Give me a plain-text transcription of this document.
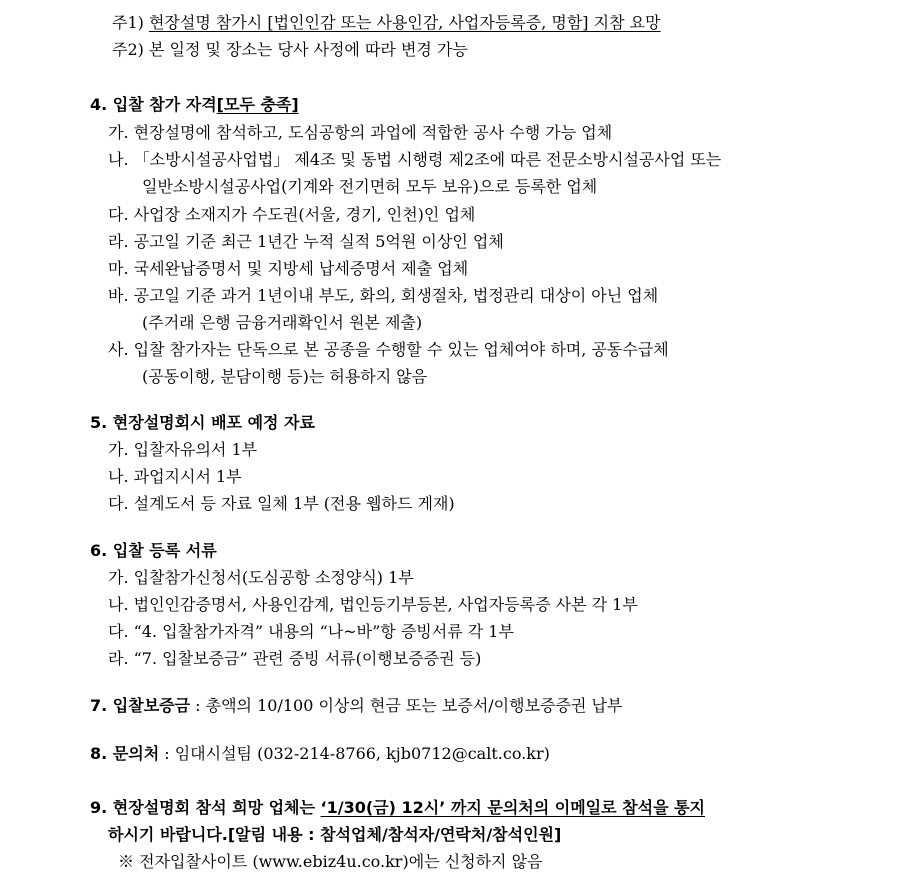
주1) 현장설명 참가시 [법인인감 또는 사용인감, 사업자등록증, 명함] 지참 요망
주2) 본 일정 및 장소는 당사 사정에 따라 변경 가능
4. 입찰 참가 자격[모두 충족]
가. 현장설명에 참석하고, 도심공항의 과업에 적합한 공사 수행 가능 업체
나. 「소방시설공사업법」 제4조 및 동법 시행령 제2조에 따른 전문소방시설공사업 또는
일반소방시설공사업(기계와 전기면허 모두 보유)으로 등록한 업체
다. 사업장 소재지가 수도권(서울, 경기, 인천)인 업체
라. 공고일 기준 최근 1년간 누적 실적 5억원 이상인 업체
마. 국세완납증명서 및 지방세 납세증명서 제출 업체
바. 공고일 기준 과거 1년이내 부도, 화의, 회생절차, 법정관리 대상이 아닌 업체
(주거래 은행 금융거래확인서 원본 제출)
사. 입찰 참가자는 단독으로 본 공종을 수행할 수 있는 업체여야 하며, 공동수급체
(공동이행, 분담이행 등)는 허용하지 않음
5. 현장설명회시 배포 예정 자료
가. 입찰자유의서 1부
나. 과업지시서 1부
다. 설계도서 등 자료 일체 1부 (전용 웹하드 게재)
6. 입찰 등록 서류
가. 입찰참가신청서(도심공항 소정양식) 1부
나. 법인인감증명서, 사용인감계, 법인등기부등본, 사업자등록증 사본 각 1부
다. “4. 입찰참가자격” 내용의 “나~바”항 증빙서류 각 1부
라. “7. 입찰보증금” 관련 증빙 서류(이행보증증권 등)
7. 입찰보증금 : 총액의 10/100 이상의 현금 또는 보증서/이행보증증권 납부
8. 문의처 : 임대시설팀 (032-214-8766, kjb0712@calt.co.kr)
9. 현장설명회 참석 희망 업체는 ‘1/30(금) 12시’ 까지 문의처의 이메일로 참석을 통지
하시기 바랍니다.[알림 내용 : 참석업체/참석자/연락처/참석인원]
※ 전자입찰사이트 (www.ebiz4u.co.kr)에는 신청하지 않음
